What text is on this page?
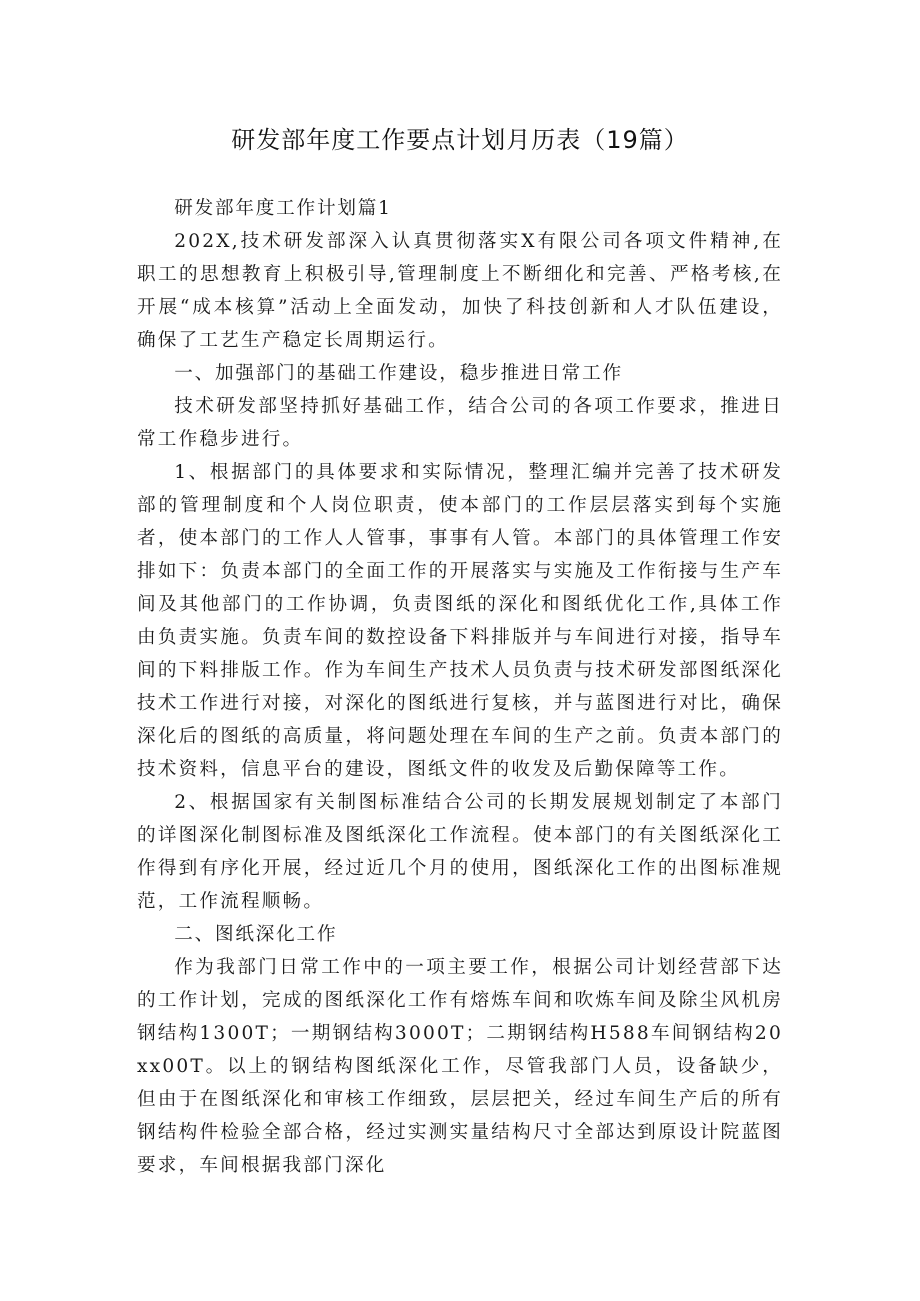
研发部年度工作要点计划月历表（19篇）

研发部年度工作计划篇1

202X,技术研发部深入认真贯彻落实X有限公司各项文件精神,在职工的思想教育上积极引导,管理制度上不断细化和完善、严格考核,在开展“成本核算”活动上全面发动，加快了科技创新和人才队伍建设，确保了工艺生产稳定长周期运行。

一、加强部门的基础工作建设，稳步推进日常工作

技术研发部坚持抓好基础工作，结合公司的各项工作要求，推进日常工作稳步进行。

1、根据部门的具体要求和实际情况，整理汇编并完善了技术研发部的管理制度和个人岗位职责，使本部门的工作层层落实到每个实施者，使本部门的工作人人管事，事事有人管。本部门的具体管理工作安排如下：负责本部门的全面工作的开展落实与实施及工作衔接与生产车间及其他部门的工作协调，负责图纸的深化和图纸优化工作,具体工作由负责实施。负责车间的数控设备下料排版并与车间进行对接，指导车间的下料排版工作。作为车间生产技术人员负责与技术研发部图纸深化技术工作进行对接，对深化的图纸进行复核，并与蓝图进行对比，确保深化后的图纸的高质量，将问题处理在车间的生产之前。负责本部门的技术资料，信息平台的建设，图纸文件的收发及后勤保障等工作。

2、根据国家有关制图标准结合公司的长期发展规划制定了本部门的详图深化制图标准及图纸深化工作流程。使本部门的有关图纸深化工作得到有序化开展，经过近几个月的使用，图纸深化工作的出图标准规范，工作流程顺畅。

二、图纸深化工作

作为我部门日常工作中的一项主要工作，根据公司计划经营部下达的工作计划，完成的图纸深化工作有熔炼车间和吹炼车间及除尘风机房钢结构1300T；一期钢结构3000T；二期钢结构H588车间钢结构20xx00T。以上的钢结构图纸深化工作，尽管我部门人员，设备缺少，但由于在图纸深化和审核工作细致，层层把关，经过车间生产后的所有钢结构件检验全部合格，经过实测实量结构尺寸全部达到原设计院蓝图要求，车间根据我部门深化
